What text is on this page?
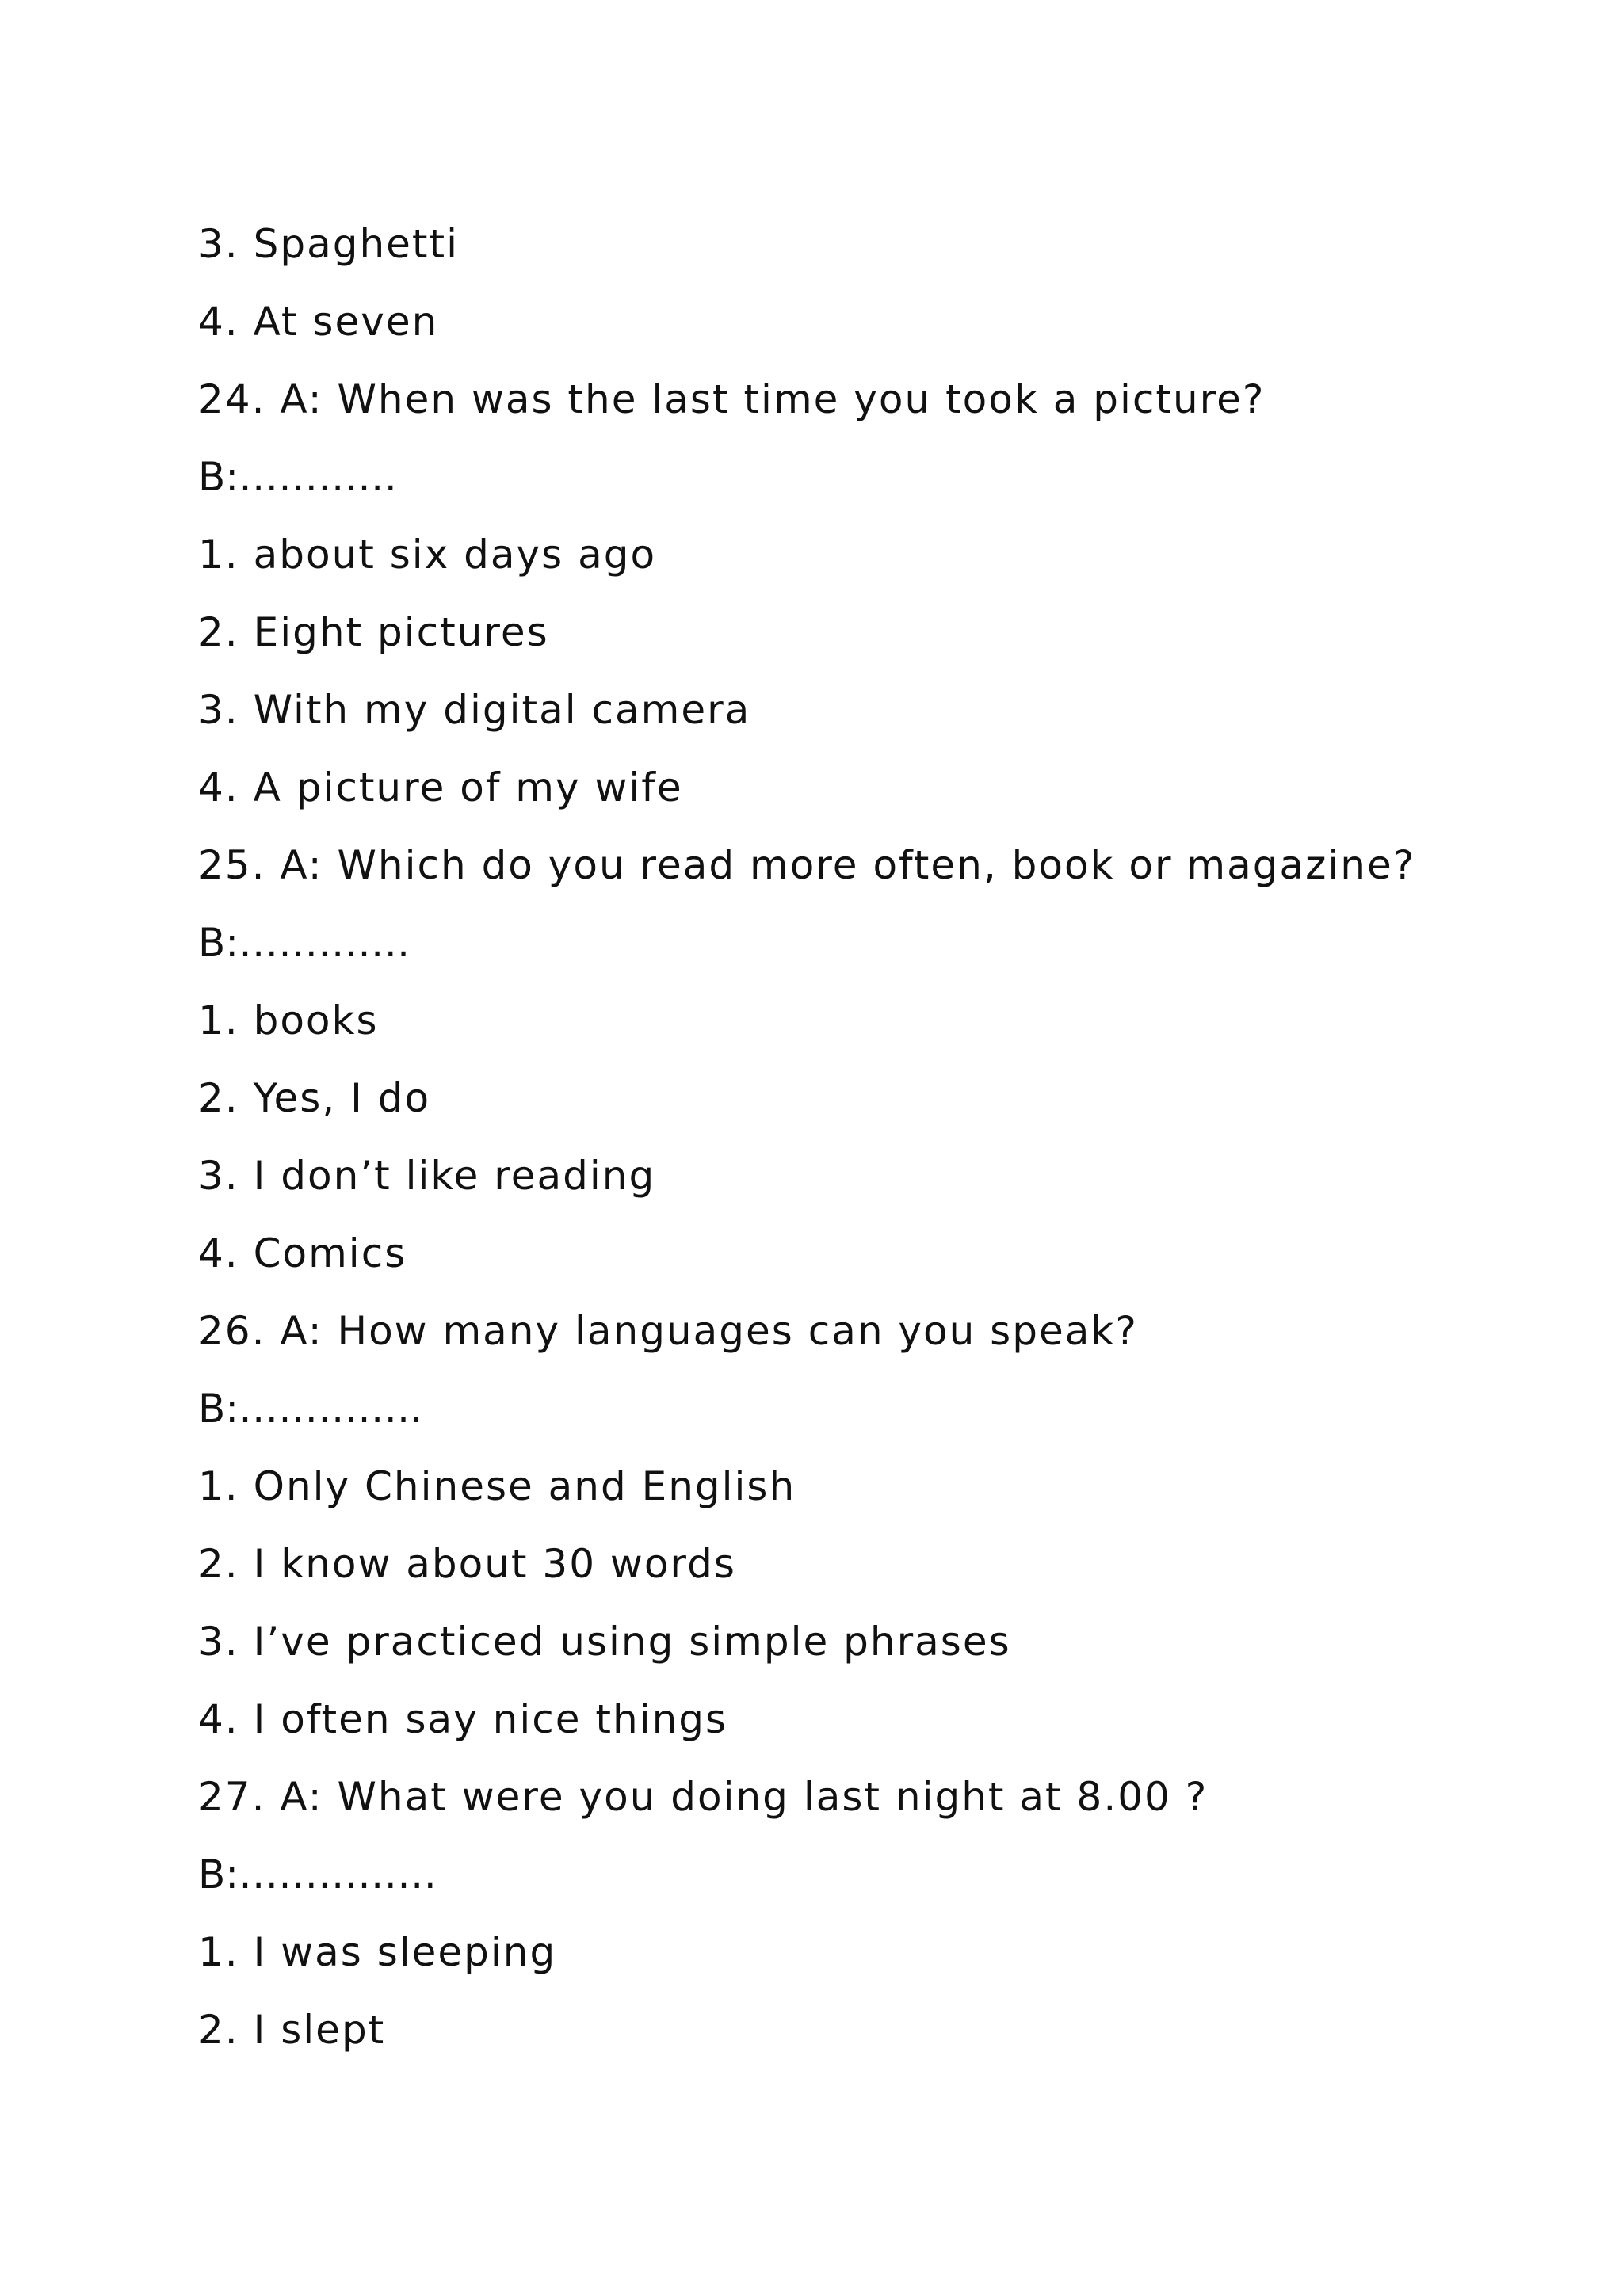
3. Spaghetti
4. At seven
24. A: When was the last time you took a picture?
B:…………
1. about six days ago
2. Eight pictures
3. With my digital camera
4. A picture of my wife
25. A: Which do you read more often, book or magazine?
B:………….
1. books
2. Yes, I do
3. I don’t like reading
4. Comics
26. A: How many languages can you speak?
B:…………..
1. Only Chinese and English
2. I know about 30 words
3. I’ve practiced using simple phrases
4. I often say nice things
27. A: What were you doing last night at 8.00 ?
B:……………
1. I was sleeping
2. I slept
